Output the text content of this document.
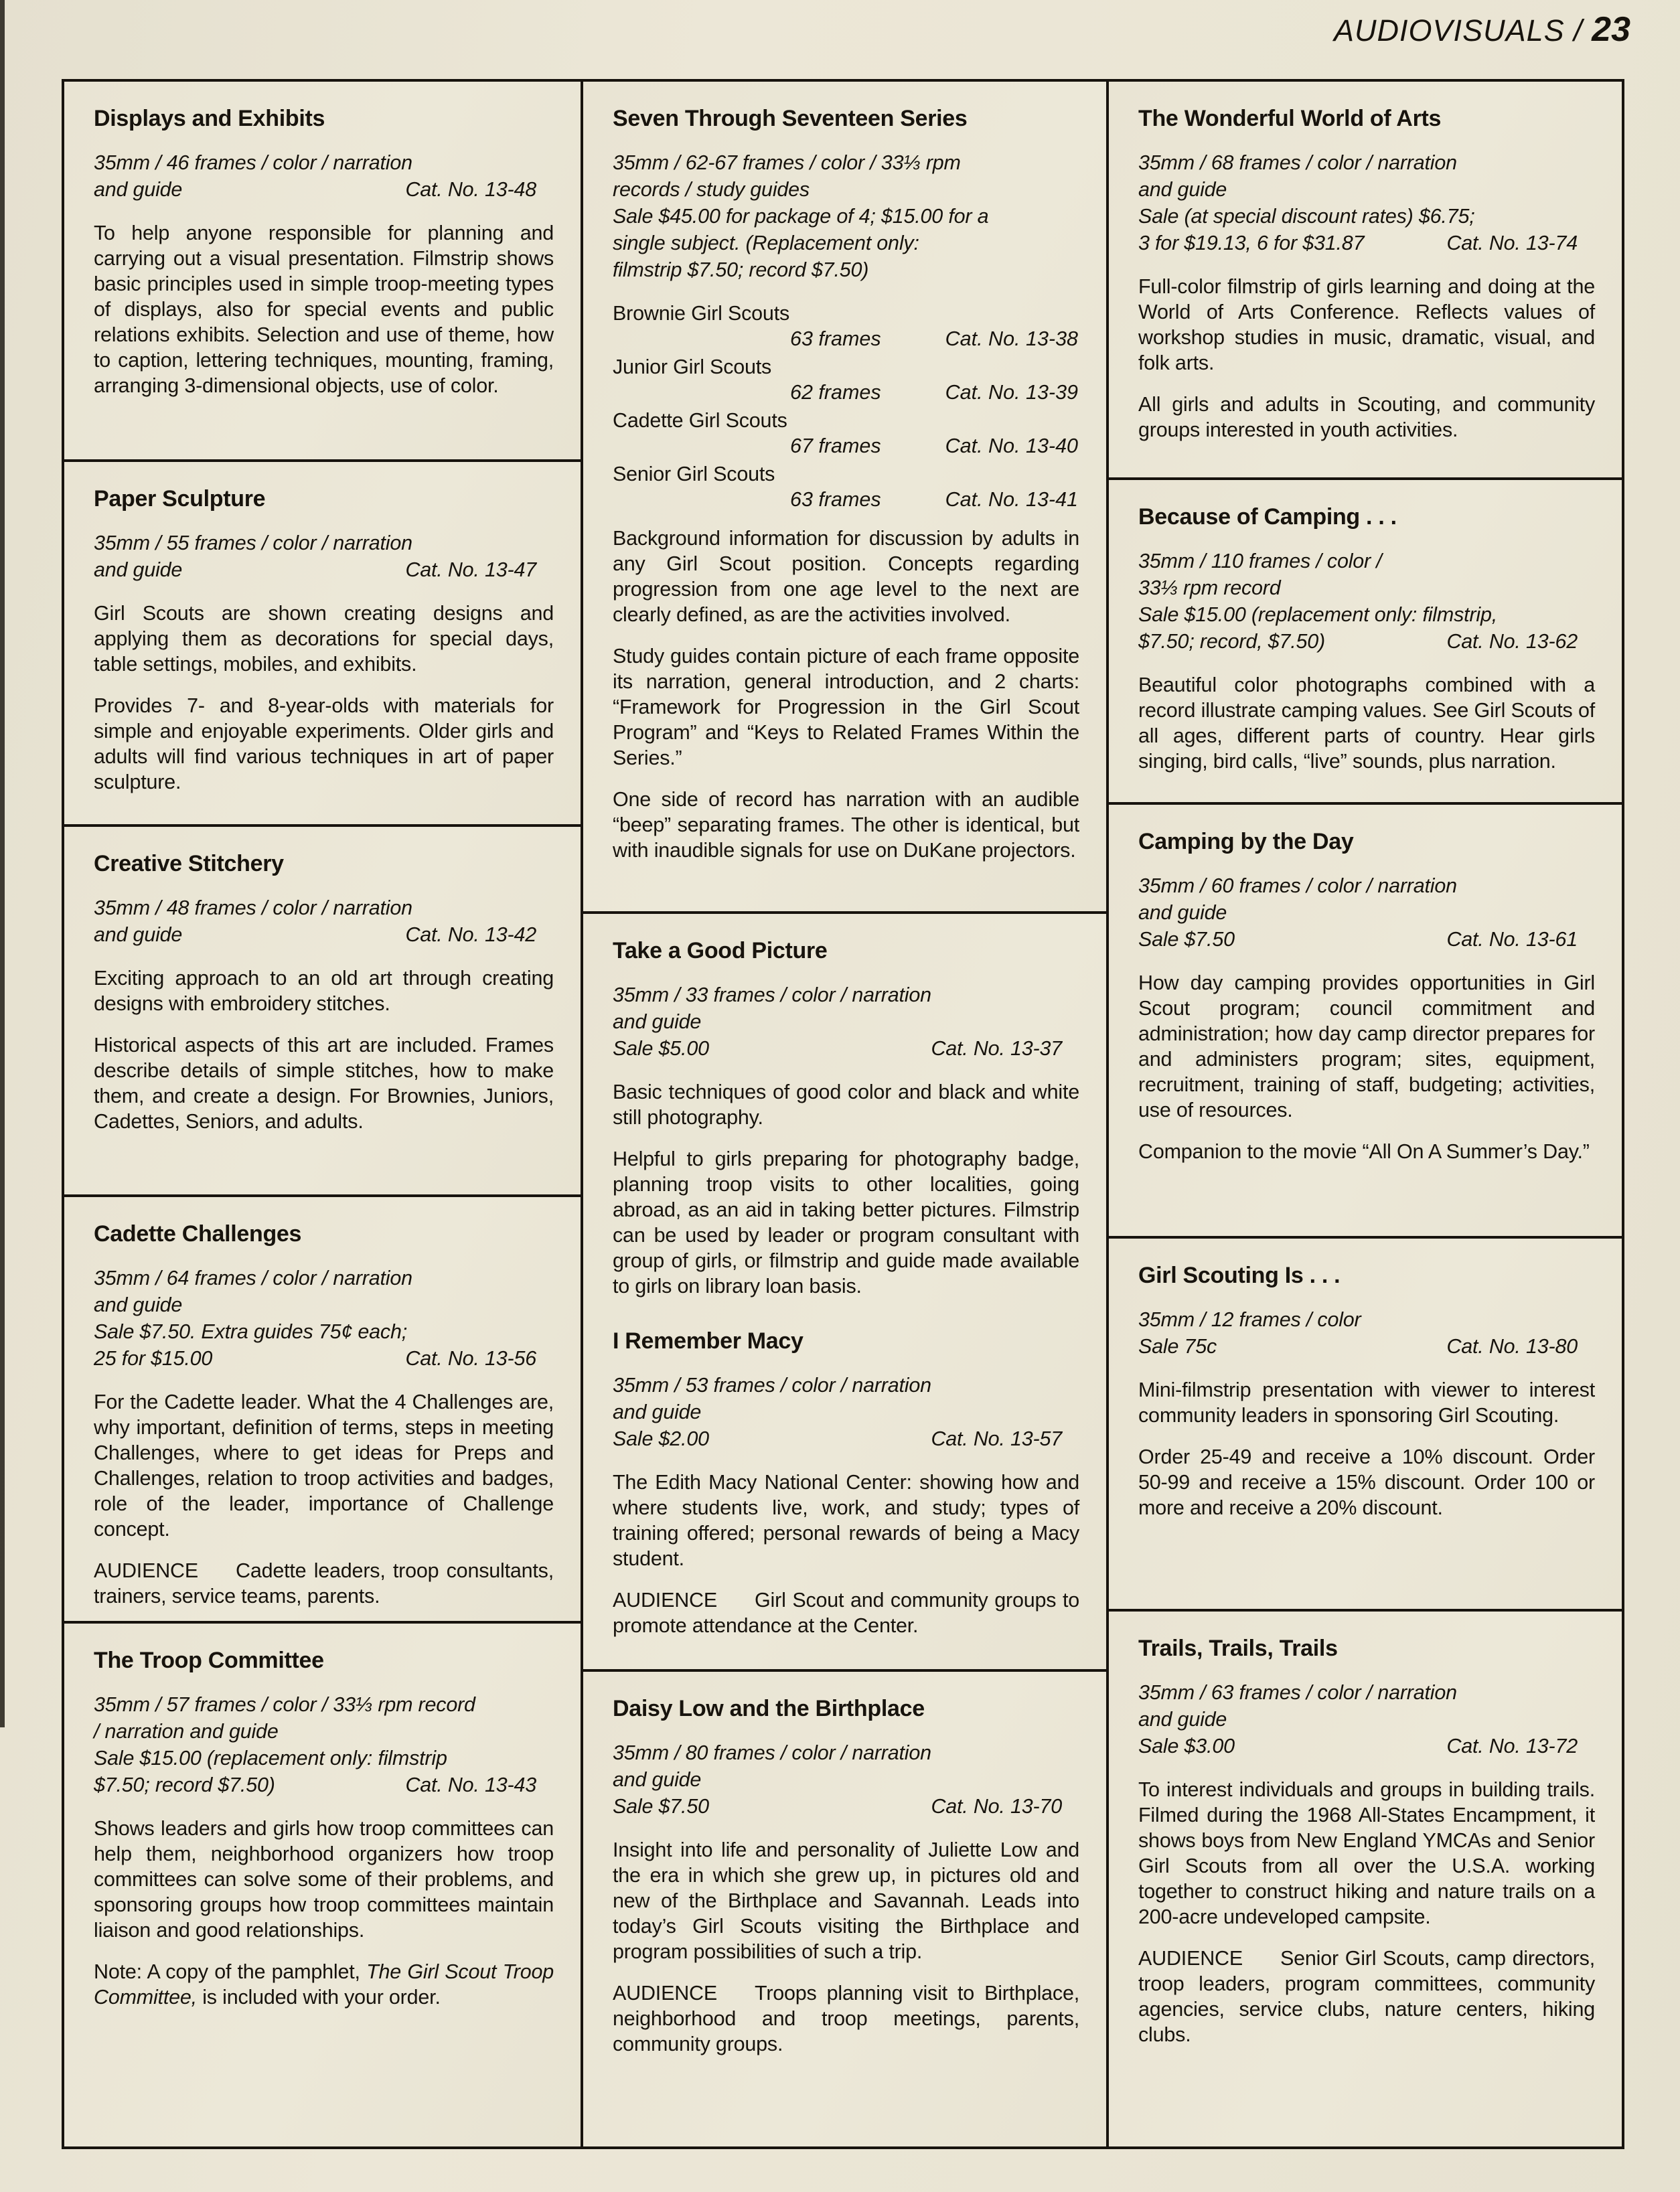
AUDIOVISUALS / 23
Displays and Exhibits
35mm / 46 frames / color / narration
and guide	Cat. No. 13-48

To help anyone responsible for planning and carrying out a visual presentation. Filmstrip shows basic principles used in simple troop-meeting types of displays, also for special events and public relations exhibits. Selection and use of theme, how to caption, lettering techniques, mounting, framing, arranging 3-dimensional objects, use of color.

Paper Sculpture
35mm / 55 frames / color / narration
and guide	Cat. No. 13-47

Girl Scouts are shown creating designs and applying them as decorations for special days, table settings, mobiles, and exhibits.

Provides 7- and 8-year-olds with materials for simple and enjoyable experiments. Older girls and adults will find various techniques in art of paper sculpture.

Creative Stitchery
35mm / 48 frames / color / narration
and guide	Cat. No. 13-42

Exciting approach to an old art through creating designs with embroidery stitches.

Historical aspects of this art are included. Frames describe details of simple stitches, how to make them, and create a design. For Brownies, Juniors, Cadettes, Seniors, and adults.

Cadette Challenges
35mm / 64 frames / color / narration
and guide
Sale $7.50. Extra guides 75¢ each;
25 for $15.00	Cat. No. 13-56

For the Cadette leader. What the 4 Challenges are, why important, definition of terms, steps in meeting Challenges, where to get ideas for Preps and Challenges, relation to troop activities and badges, role of the leader, importance of Challenge concept.

AUDIENCE Cadette leaders, troop consultants, trainers, service teams, parents.

The Troop Committee
35mm / 57 frames / color / 33⅓ rpm record
/ narration and guide
Sale $15.00 (replacement only: filmstrip
$7.50; record $7.50)	Cat. No. 13-43

Shows leaders and girls how troop committees can help them, neighborhood organizers how troop committees can solve some of their problems, and sponsoring groups how troop committees maintain liaison and good relationships.

Note: A copy of the pamphlet, The Girl Scout Troop Committee, is included with your order.

Seven Through Seventeen Series
35mm / 62-67 frames / color / 33⅓ rpm
records / study guides
Sale $45.00 for package of 4; $15.00 for a
single subject. (Replacement only:
filmstrip $7.50; record $7.50)
Brownie Girl Scouts
63 frames	Cat. No. 13-38
Junior Girl Scouts
62 frames	Cat. No. 13-39
Cadette Girl Scouts
67 frames	Cat. No. 13-40
Senior Girl Scouts
63 frames	Cat. No. 13-41

Background information for discussion by adults in any Girl Scout position. Concepts regarding progression from one age level to the next are clearly defined, as are the activities involved.

Study guides contain picture of each frame opposite its narration, general introduction, and 2 charts: “Framework for Progression in the Girl Scout Program” and “Keys to Related Frames Within the Series.”

One side of record has narration with an audible “beep” separating frames. The other is identical, but with inaudible signals for use on DuKane projectors.

Take a Good Picture
35mm / 33 frames / color / narration
and guide
Sale $5.00	Cat. No. 13-37

Basic techniques of good color and black and white still photography.

Helpful to girls preparing for photography badge, planning troop visits to other localities, going abroad, as an aid in taking better pictures. Filmstrip can be used by leader or program consultant with group of girls, or filmstrip and guide made available to girls on library loan basis.

I Remember Macy
35mm / 53 frames / color / narration
and guide
Sale $2.00	Cat. No. 13-57

The Edith Macy National Center: showing how and where students live, work, and study; types of training offered; personal rewards of being a Macy student.

AUDIENCE Girl Scout and community groups to promote attendance at the Center.

Daisy Low and the Birthplace
35mm / 80 frames / color / narration
and guide
Sale $7.50	Cat. No. 13-70

Insight into life and personality of Juliette Low and the era in which she grew up, in pictures old and new of the Birthplace and Savannah. Leads into today’s Girl Scouts visiting the Birthplace and program possibilities of such a trip.

AUDIENCE Troops planning visit to Birthplace, neighborhood and troop meetings, parents, community groups.

The Wonderful World of Arts
35mm / 68 frames / color / narration
and guide
Sale (at special discount rates) $6.75;
3 for $19.13, 6 for $31.87	Cat. No. 13-74

Full-color filmstrip of girls learning and doing at the World of Arts Conference. Reflects values of workshop studies in music, dramatic, visual, and folk arts.

All girls and adults in Scouting, and community groups interested in youth activities.

Because of Camping . . .
35mm / 110 frames / color /
33⅓ rpm record
Sale $15.00 (replacement only: filmstrip,
$7.50; record, $7.50)	Cat. No. 13-62

Beautiful color photographs combined with a record illustrate camping values. See Girl Scouts of all ages, different parts of country. Hear girls singing, bird calls, “live” sounds, plus narration.

Camping by the Day
35mm / 60 frames / color / narration
and guide
Sale $7.50	Cat. No. 13-61

How day camping provides opportunities in Girl Scout program; council commitment and administration; how day camp director prepares for and administers program; sites, equipment, recruitment, training of staff, budgeting; activities, use of resources.

Companion to the movie “All On A Summer’s Day.”

Girl Scouting Is . . .
35mm / 12 frames / color
Sale 75c	Cat. No. 13-80

Mini-filmstrip presentation with viewer to interest community leaders in sponsoring Girl Scouting.

Order 25-49 and receive a 10% discount. Order 50-99 and receive a 15% discount. Order 100 or more and receive a 20% discount.

Trails, Trails, Trails
35mm / 63 frames / color / narration
and guide
Sale $3.00	Cat. No. 13-72

To interest individuals and groups in building trails. Filmed during the 1968 All-States Encampment, it shows boys from New England YMCAs and Senior Girl Scouts from all over the U.S.A. working together to construct hiking and nature trails on a 200-acre undeveloped campsite.

AUDIENCE Senior Girl Scouts, camp directors, troop leaders, program committees, community agencies, service clubs, nature centers, hiking clubs.
